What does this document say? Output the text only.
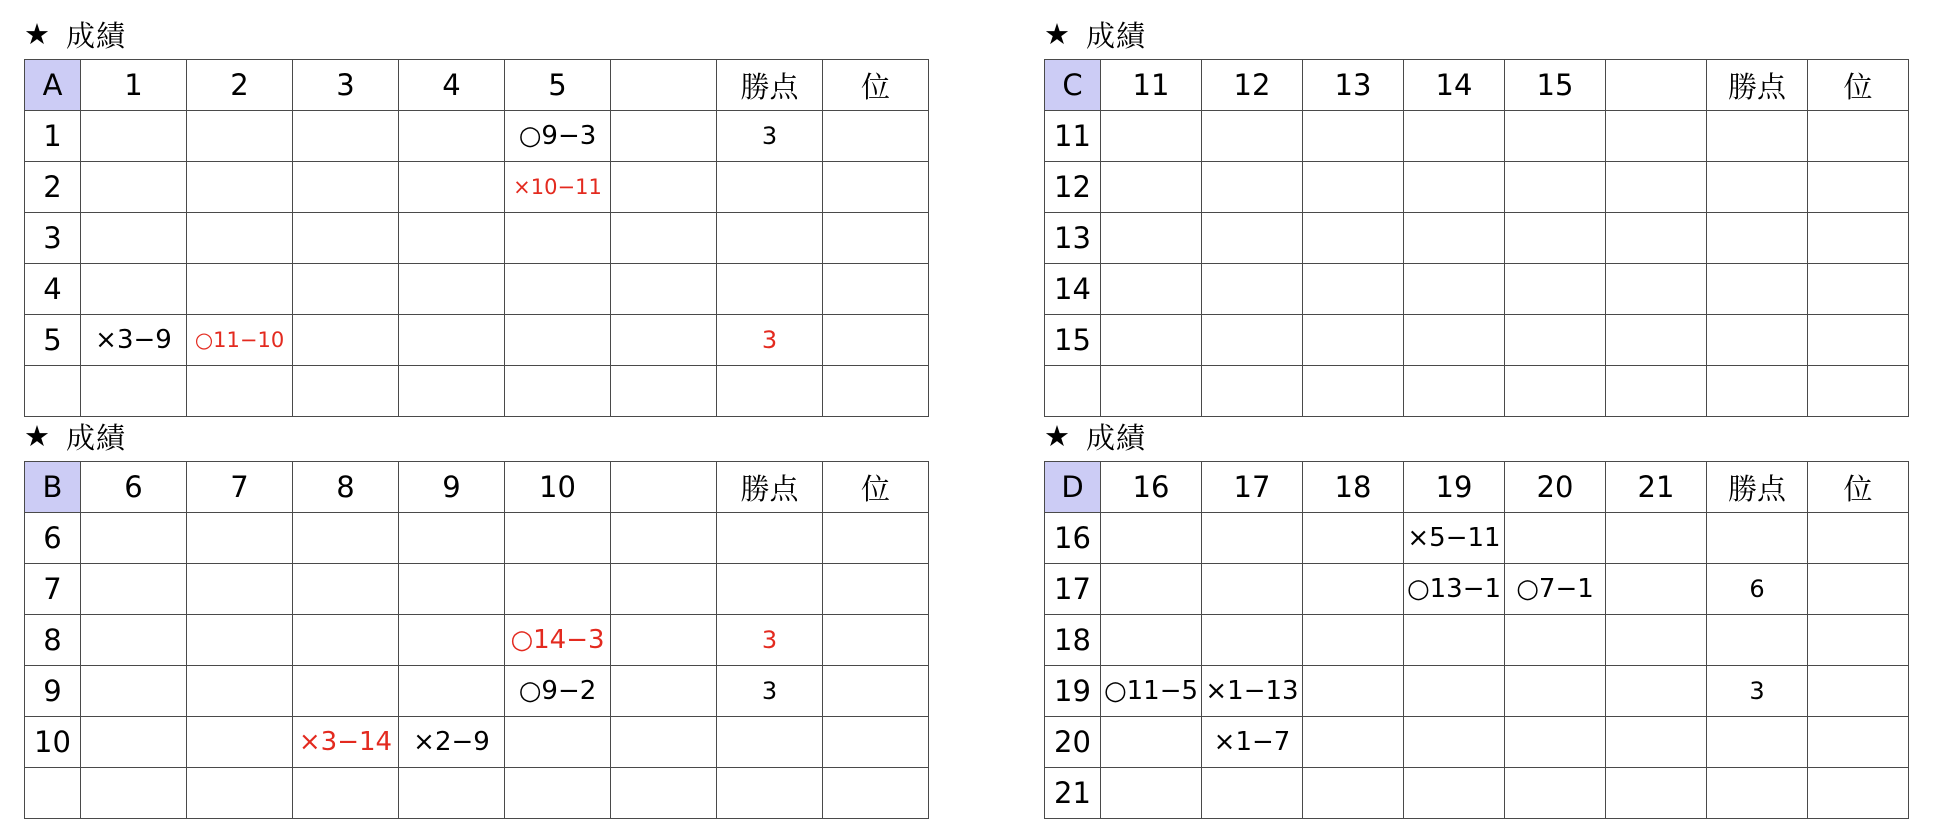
★ 成績
A	1	2	3	4	5		勝点	位
1					○9−3		3	
2					×10−11			
3								
4								
5	×3−9	○11−10					3	

★ 成績
C	11	12	13	14	15		勝点	位
11								
12								
13								
14								
15								

★ 成績
B	6	7	8	9	10		勝点	位
6								
7								
8					○14−3		3	
9					○9−2		3	
10			×3−14	×2−9				

★ 成績
D	16	17	18	19	20	21	勝点	位
16				×5−11				
17				○13−1	○7−1		6	
18								
19	○11−5	×1−13					3	
20		×1−7						
21								
